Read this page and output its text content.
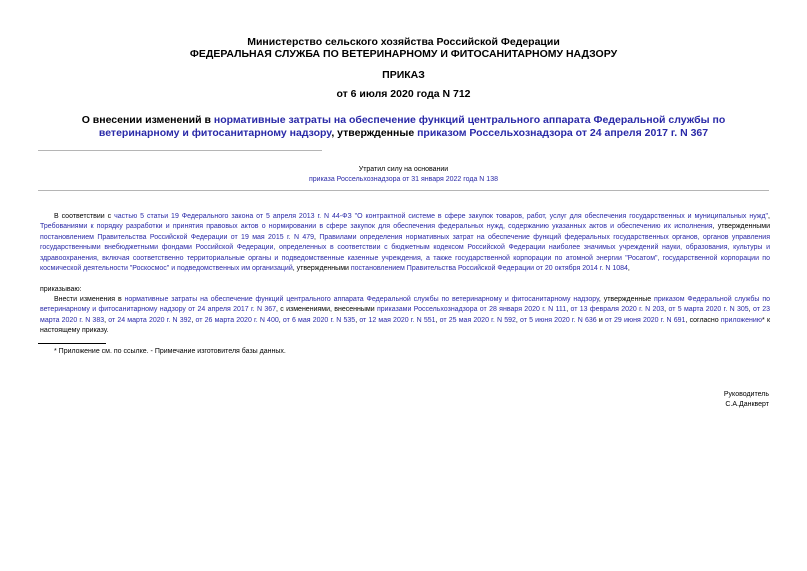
Министерство сельского хозяйства Российской Федерации
ФЕДЕРАЛЬНАЯ СЛУЖБА ПО ВЕТЕРИНАРНОМУ И ФИТОСАНИТАРНОМУ НАДЗОРУ
ПРИКАЗ
от 6 июля 2020 года N 712
О внесении изменений в нормативные затраты на обеспечение функций центрального аппарата Федеральной службы по ветеринарному и фитосанитарному надзору, утвержденные приказом Россельхознадзора от 24 апреля 2017 г. N 367
Утратил силу на основании
приказа Россельхознадзора от 31 января 2022 года N 138
В соответствии с частью 5 статьи 19 Федерального закона от 5 апреля 2013 г. N 44-ФЗ "О контрактной системе в сфере закупок товаров, работ, услуг для обеспечения государственных и муниципальных нужд", Требованиями к порядку разработки и принятия правовых актов о нормировании в сфере закупок для обеспечения федеральных нужд, содержанию указанных актов и обеспечению их исполнения, утвержденными постановлением Правительства Российской Федерации от 19 мая 2015 г. N 479, Правилами определения нормативных затрат на обеспечение функций федеральных государственных органов, органов управления государственными внебюджетными фондами Российской Федерации, определенных в соответствии с бюджетным кодексом Российской Федерации наиболее значимых учреждений науки, образования, культуры и здравоохранения, включая соответственно территориальные органы и подведомственные казенные учреждения, а также государственной корпорации по атомной энергии "Росатом", государственной корпорации по космической деятельности "Роскосмос" и подведомственных им организаций, утвержденными постановлением Правительства Российской Федерации от 20 октября 2014 г. N 1084,
приказываю:
Внести изменения в нормативные затраты на обеспечение функций центрального аппарата Федеральной службы по ветеринарному и фитосанитарному надзору, утвержденные приказом Федеральной службы по ветеринарному и фитосанитарному надзору от 24 апреля 2017 г. N 367, с изменениями, внесенными приказами Россельхознадзора от 28 января 2020 г. N 111, от 13 февраля 2020 г. N 203, от 5 марта 2020 г. N 305, от 23 марта 2020 г. N 383, от 24 марта 2020 г. N 392, от 26 марта 2020 г. N 400, от 6 мая 2020 г. N 535, от 12 мая 2020 г. N 551, от 25 мая 2020 г. N 592, от 5 июня 2020 г. N 636 и от 29 июня 2020 г. N 691, согласно приложению* к настоящему приказу.
* Приложение см. по ссылке. - Примечание изготовителя базы данных.
Руководитель
С.А.Данкверт
